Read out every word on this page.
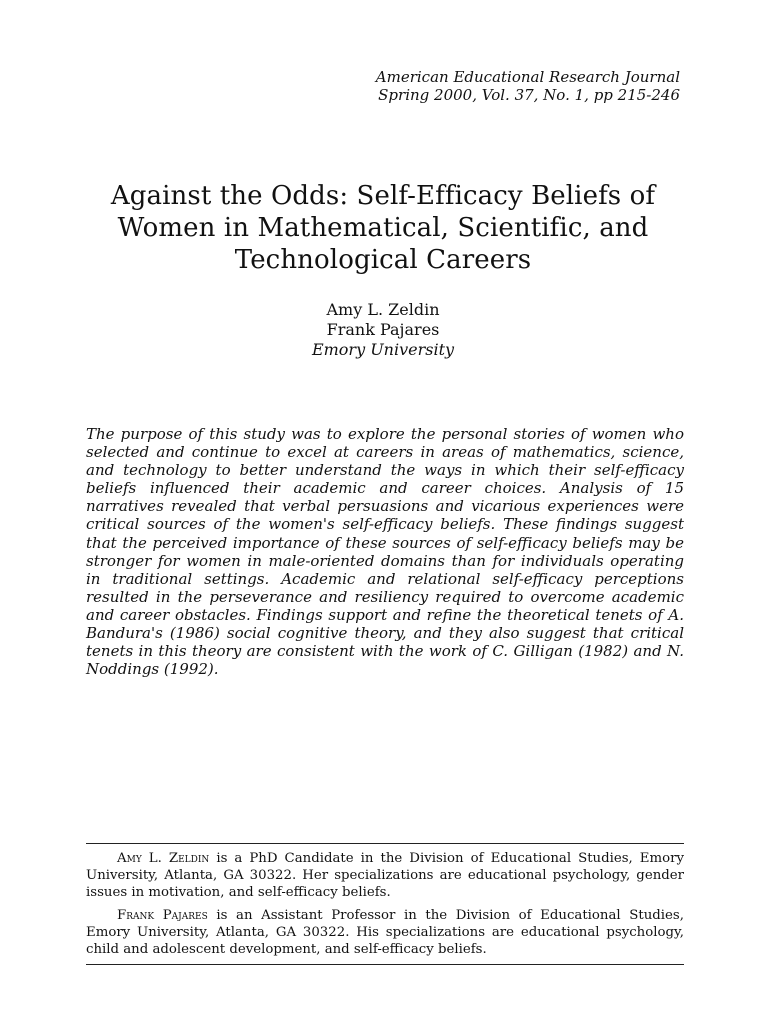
American Educational Research Journal
Spring 2000, Vol. 37, No. 1, pp 215-246
Against the Odds: Self-Efficacy Beliefs of
Women in Mathematical, Scientific, and
Technological Careers
Amy L. Zeldin
Frank Pajares
Emory University

The purpose of this study was to explore the personal stories of women who selected and continue to excel at careers in areas of mathematics, science, and technology to better understand the ways in which their self-efficacy beliefs influenced their academic and career choices. Analysis of 15 narratives revealed that verbal persuasions and vicarious experiences were critical sources of the women's self-efficacy beliefs. These findings suggest that the perceived importance of these sources of self-efficacy beliefs may be stronger for women in male-oriented domains than for individuals operating in traditional settings. Academic and relational self-efficacy perceptions resulted in the perseverance and resiliency required to overcome academic and career obstacles. Findings support and refine the theoretical tenets of A. Bandura's (1986) social cognitive theory, and they also suggest that critical tenets in this theory are consistent with the work of C. Gilligan (1982) and N. Noddings (1992).

Amy L. Zeldin is a PhD Candidate in the Division of Educational Studies, Emory University, Atlanta, GA 30322. Her specializations are educational psychology, gender issues in motivation, and self-efficacy beliefs.

Frank Pajares is an Assistant Professor in the Division of Educational Studies, Emory University, Atlanta, GA 30322. His specializations are educational psychology, child and adolescent development, and self-efficacy beliefs.
